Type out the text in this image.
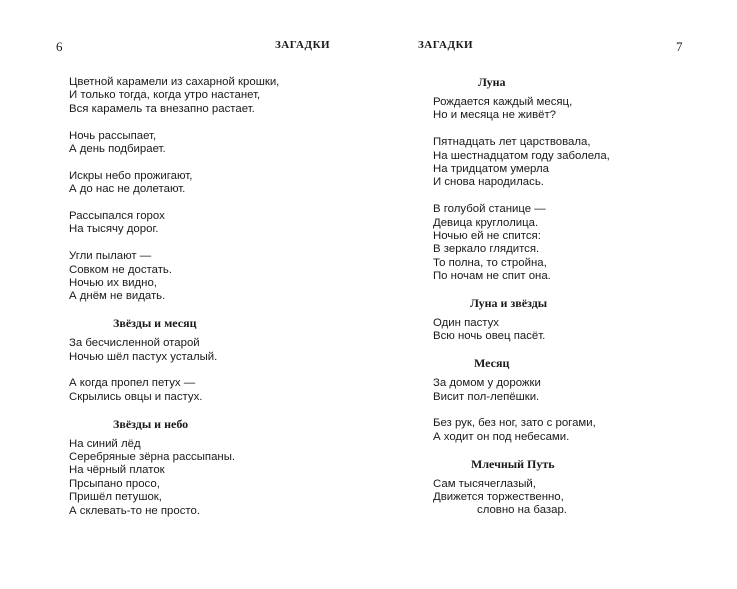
6	ЗАГАДКИ
Цветной карамели из сахарной крошки,
И только тогда, когда утро настанет,
Вся карамель та внезапно растает.
Ночь рассыпает,
А день подбирает.
Искры небо прожигают,
А до нас не долетают.
Рассыпался горох
На тысячу дорог.
Угли пылают —
Совком не достать.
Ночью их видно,
А днём не видать.
Звёзды и месяц
За бесчисленной отарой
Ночью шёл пастух усталый.
А когда пропел петух —
Скрылись овцы и пастух.
Звёзды и небо
На синий лёд
Серебряные зёрна рассыпаны.
На чёрный платок
Прсыпано просо,
Пришёл петушок,
А склевать-то не просто.
ЗАГАДКИ	7
Луна
Рождается каждый месяц,
Но и месяца не живёт?
Пятнадцать лет царствовала,
На шестнадцатом году заболела,
На тридцатом умерла
И снова народилась.
В голубой станице —
Девица круглолица.
Ночью ей не спится:
В зеркало глядится.
То полна, то стройна,
По ночам не спит она.
Луна и звёзды
Один пастух
Всю ночь овец пасёт.
Месяц
За домом у дорожки
Висит пол-лепёшки.
Без рук, без ног, зато с рогами,
А ходит он под небесами.
Млечный Путь
Сам тысячеглазый,
Движется торжественно,
словно на базар.
